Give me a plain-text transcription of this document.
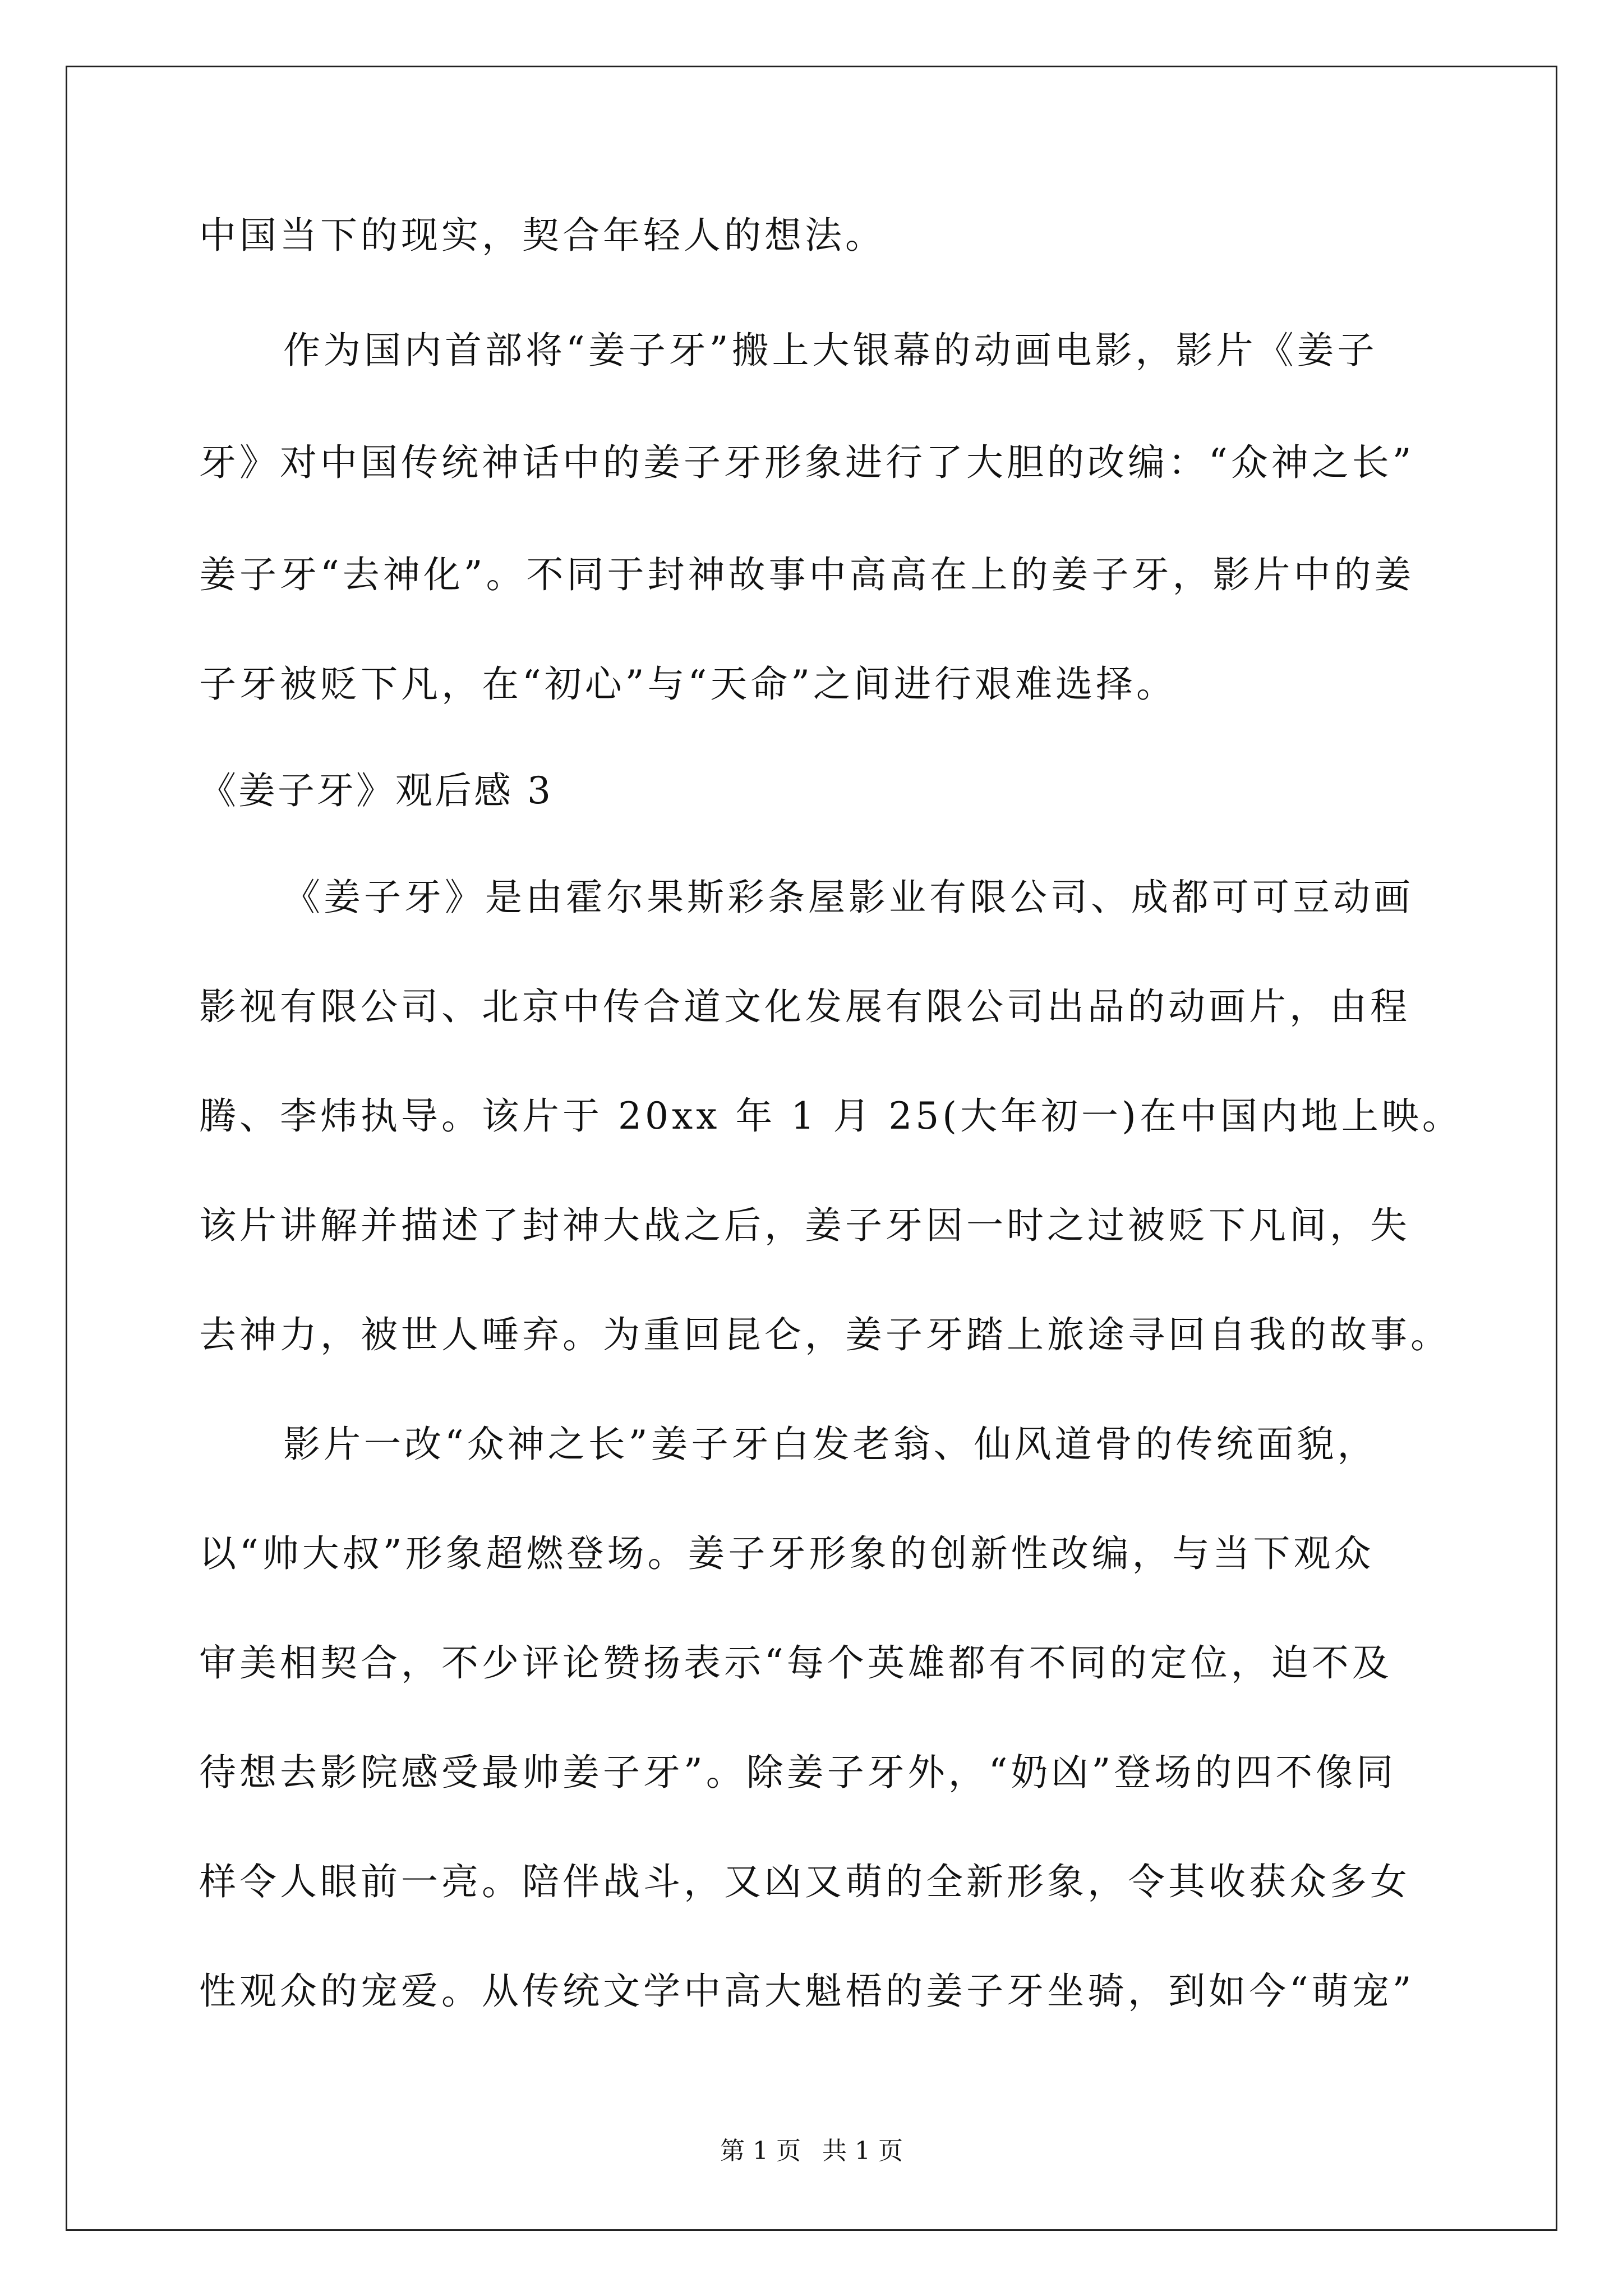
中国当下的现实，契合年轻人的想法。
作为国内首部将“姜子牙”搬上大银幕的动画电影，影片《姜子
牙》对中国传统神话中的姜子牙形象进行了大胆的改编：“众神之长”
姜子牙“去神化”。不同于封神故事中高高在上的姜子牙，影片中的姜
子牙被贬下凡，在“初心”与“天命”之间进行艰难选择。
《姜子牙》观后感 3
《姜子牙》是由霍尔果斯彩条屋影业有限公司、成都可可豆动画
影视有限公司、北京中传合道文化发展有限公司出品的动画片，由程
腾、李炜执导。该片于 20xx 年 1 月 25(大年初一)在中国内地上映。
该片讲解并描述了封神大战之后，姜子牙因一时之过被贬下凡间，失
去神力，被世人唾弃。为重回昆仑，姜子牙踏上旅途寻回自我的故事。
影片一改“众神之长”姜子牙白发老翁、仙风道骨的传统面貌，
以“帅大叔”形象超燃登场。姜子牙形象的创新性改编，与当下观众
审美相契合，不少评论赞扬表示“每个英雄都有不同的定位，迫不及
待想去影院感受最帅姜子牙”。除姜子牙外，“奶凶”登场的四不像同
样令人眼前一亮。陪伴战斗，又凶又萌的全新形象，令其收获众多女
性观众的宠爱。从传统文学中高大魁梧的姜子牙坐骑，到如今“萌宠”
第 1 页 共 1 页
